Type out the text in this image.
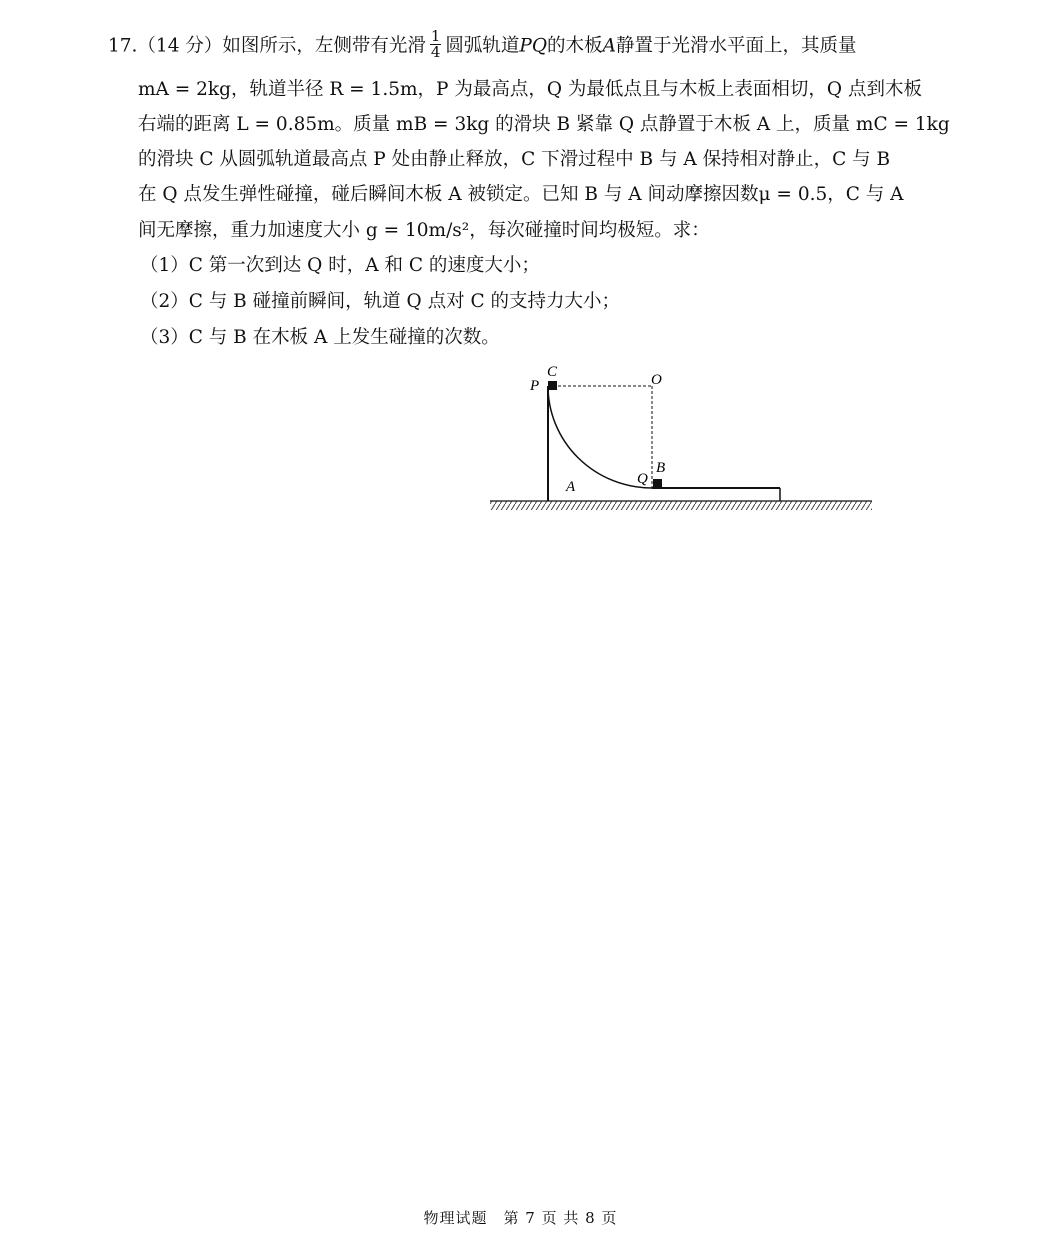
17.（14 分）如图所示，左侧带有光滑 $\frac{1}{4}$ 圆弧轨道PQ的木板A静置于光滑水平面上，其质量
mA = 2kg，轨道半径 R = 1.5m，P 为最高点，Q 为最低点且与木板上表面相切，Q 点到木板
右端的距离 L = 0.85m。质量 mB = 3kg 的滑块 B 紧靠 Q 点静置于木板 A 上，质量 mC = 1kg
的滑块 C 从圆弧轨道最高点 P 处由静止释放，C 下滑过程中 B 与 A 保持相对静止，C 与 B
在 Q 点发生弹性碰撞，碰后瞬间木板 A 被锁定。已知 B 与 A 间动摩擦因数μ = 0.5，C 与 A
间无摩擦，重力加速度大小 g = 10m/s²，每次碰撞时间均极短。求：
（1）C 第一次到达 Q 时，A 和 C 的速度大小；
（2）C 与 B 碰撞前瞬间，轨道 Q 点对 C 的支持力大小；
（3）C 与 B 在木板 A 上发生碰撞的次数。
C
P	O
B
Q
A
物理试题　第 7 页 共 8 页
